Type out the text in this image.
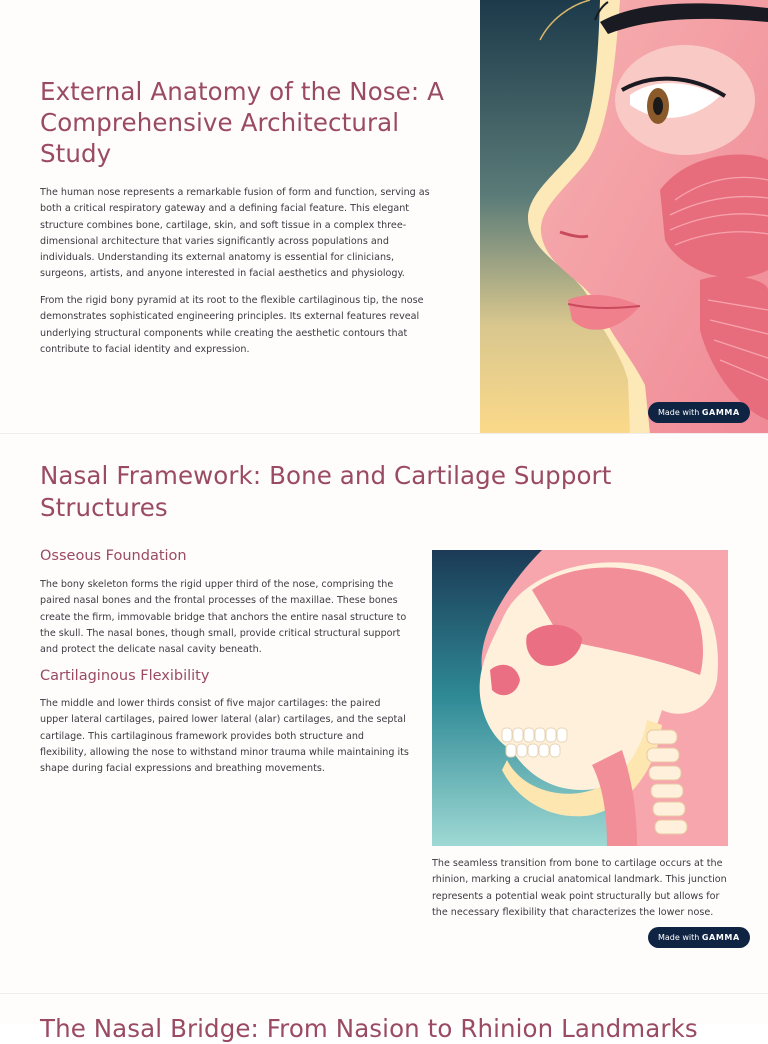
External Anatomy of the Nose: A Comprehensive Architectural Study

The human nose represents a remarkable fusion of form and function, serving as both a critical respiratory gateway and a defining facial feature. This elegant structure combines bone, cartilage, skin, and soft tissue in a complex three-dimensional architecture that varies significantly across populations and individuals. Understanding its external anatomy is essential for clinicians, surgeons, artists, and anyone interested in facial aesthetics and physiology.

From the rigid bony pyramid at its root to the flexible cartilaginous tip, the nose demonstrates sophisticated engineering principles. Its external features reveal underlying structural components while creating the aesthetic contours that contribute to facial identity and expression.

Made with GAMMA
Nasal Framework: Bone and Cartilage Support Structures
Osseous Foundation

The bony skeleton forms the rigid upper third of the nose, comprising the paired nasal bones and the frontal processes of the maxillae. These bones create the firm, immovable bridge that anchors the entire nasal structure to the skull. The nasal bones, though small, provide critical structural support and protect the delicate nasal cavity beneath.

Cartilaginous Flexibility

The middle and lower thirds consist of five major cartilages: the paired upper lateral cartilages, paired lower lateral (alar) cartilages, and the septal cartilage. This cartilaginous framework provides both structure and flexibility, allowing the nose to withstand minor trauma while maintaining its shape during facial expressions and breathing movements.

The seamless transition from bone to cartilage occurs at the rhinion, marking a crucial anatomical landmark. This junction represents a potential weak point structurally but allows for the necessary flexibility that characterizes the lower nose.

Made with GAMMA
The Nasal Bridge: From Nasion to Rhinion Landmarks
